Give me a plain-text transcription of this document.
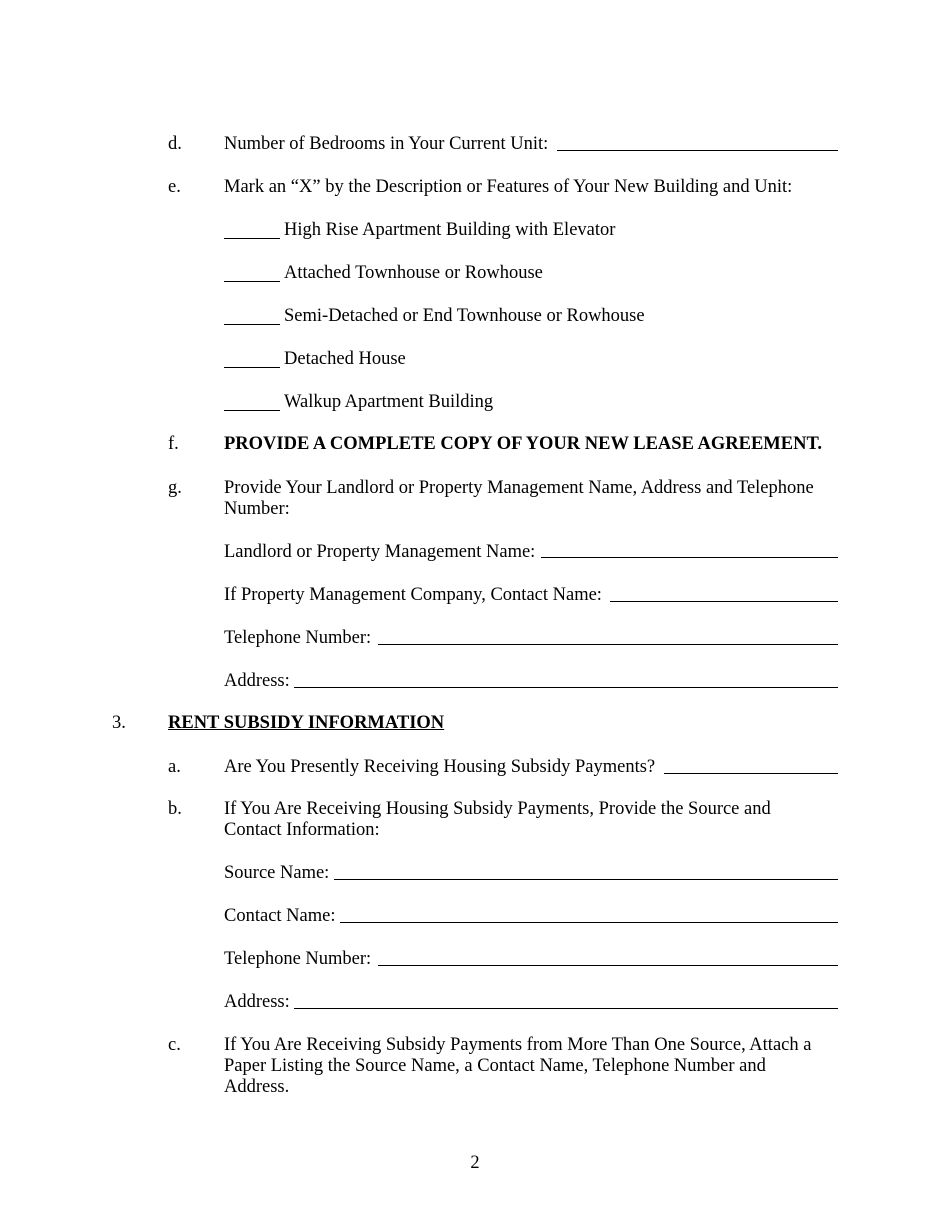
d. Number of Bedrooms in Your Current Unit:
e. Mark an “X” by the Description or Features of Your New Building and Unit:
High Rise Apartment Building with Elevator
Attached Townhouse or Rowhouse
Semi-Detached or End Townhouse or Rowhouse
Detached House
Walkup Apartment Building
f. PROVIDE A COMPLETE COPY OF YOUR NEW LEASE AGREEMENT.
g. Provide Your Landlord or Property Management Name, Address and Telephone
Number:
Landlord or Property Management Name:
If Property Management Company, Contact Name:
Telephone Number:
Address:
3. RENT SUBSIDY INFORMATION
a. Are You Presently Receiving Housing Subsidy Payments?
b. If You Are Receiving Housing Subsidy Payments, Provide the Source and
Contact Information:
Source Name:
Contact Name:
Telephone Number:
Address:
c. If You Are Receiving Subsidy Payments from More Than One Source, Attach a
Paper Listing the Source Name, a Contact Name, Telephone Number and
Address.
2
